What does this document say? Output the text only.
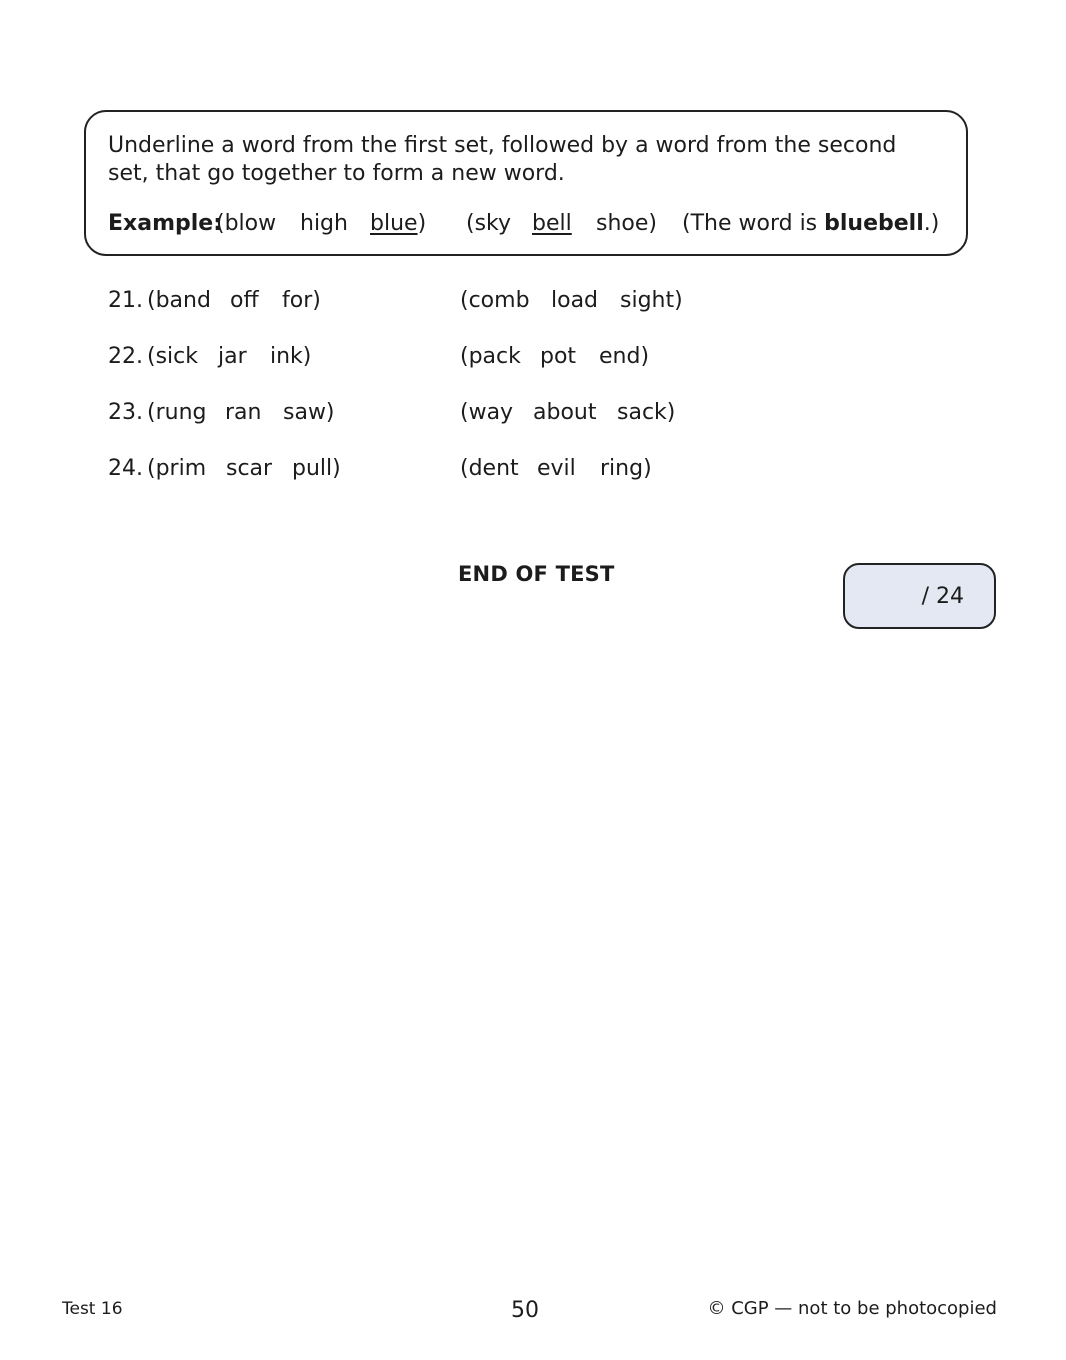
Underline a word from the first set, followed by a word from the second set, that go together to form a new word.

Example:
(blow high blue) (sky bell shoe) (The word is bluebell.)
21. (band off for)	(comb load sight)
22. (sick jar ink)	(pack pot end)
23. (rung ran saw)	(way about sack)
24. (prim scar pull)	(dent evil ring)
END OF TEST
/ 24
Test 16	50	© CGP — not to be photocopied
